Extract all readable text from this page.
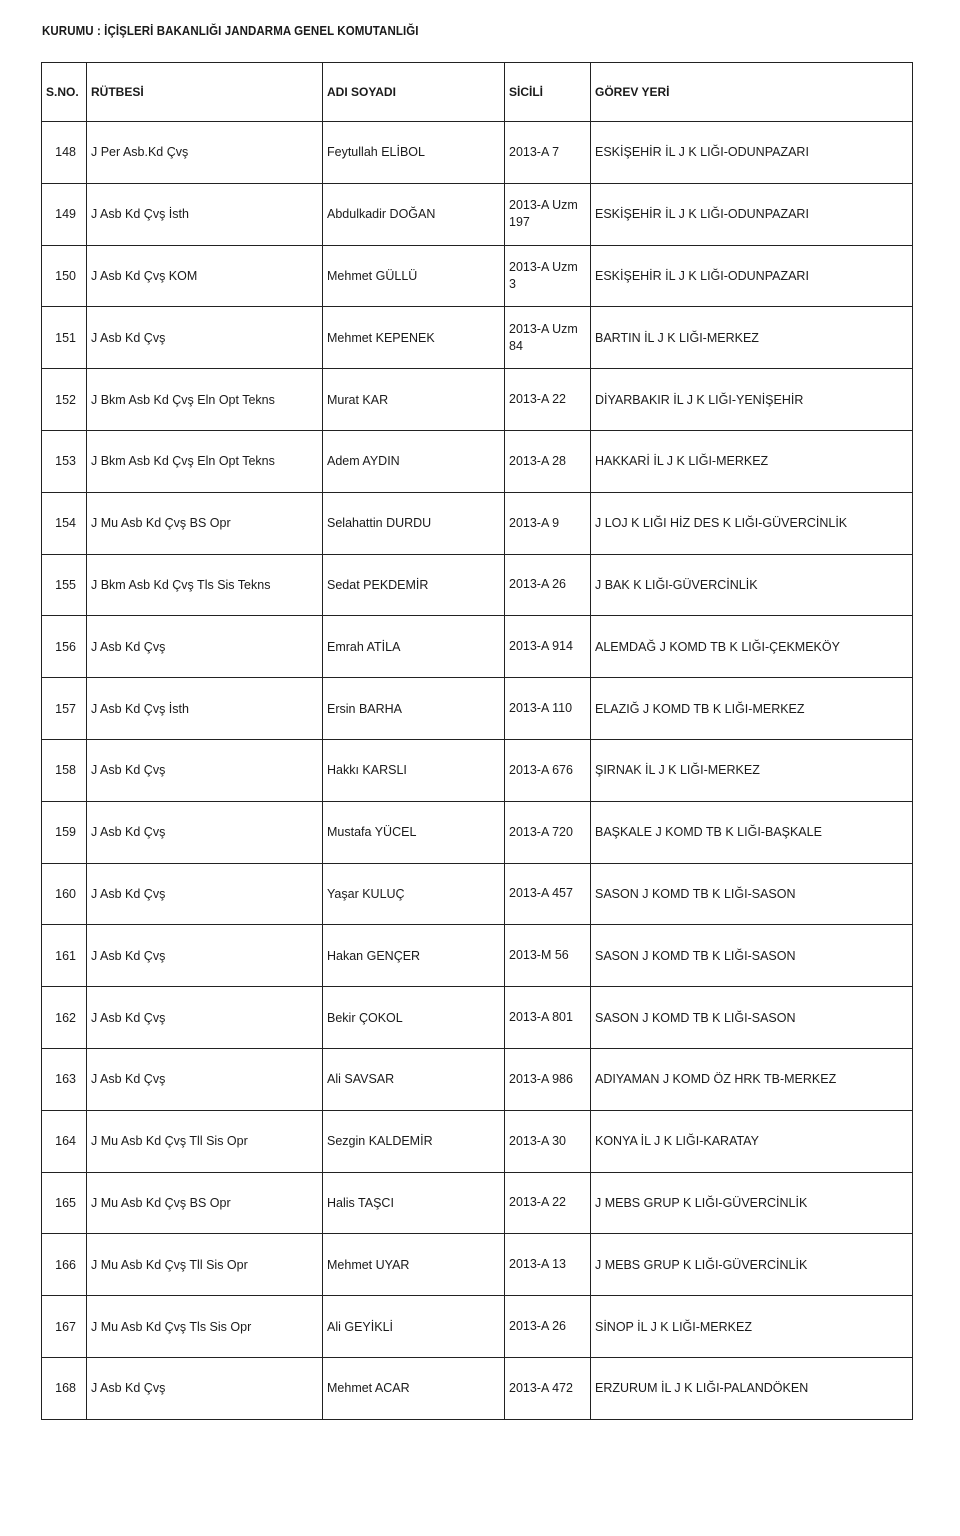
KURUMU : İÇİŞLERİ BAKANLIĞI JANDARMA GENEL KOMUTANLIĞI
S.NO.	RÜTBESİ	ADI SOYADI	SİCİLİ	GÖREV YERİ
148	J Per Asb.Kd Çvş	Feytullah ELİBOL	2013-A 7	ESKİŞEHİR İL J K LIĞI-ODUNPAZARI
149	J Asb Kd Çvş İsth	Abdulkadir DOĞAN	2013-A Uzm 197	ESKİŞEHİR İL J K LIĞI-ODUNPAZARI
150	J Asb Kd Çvş KOM	Mehmet GÜLLÜ	2013-A Uzm 3	ESKİŞEHİR İL J K LIĞI-ODUNPAZARI
151	J Asb Kd Çvş	Mehmet KEPENEK	2013-A Uzm 84	BARTIN İL J K LIĞI-MERKEZ
152	J Bkm Asb Kd Çvş Eln Opt Tekns	Murat KAR	2013-A 22	DİYARBAKIR İL J K LIĞI-YENİŞEHİR
153	J Bkm Asb Kd Çvş Eln Opt Tekns	Adem AYDIN	2013-A 28	HAKKARİ İL J K LIĞI-MERKEZ
154	J Mu Asb Kd Çvş BS Opr	Selahattin DURDU	2013-A 9	J LOJ K LIĞI HİZ DES K LIĞI-GÜVERCİNLİK
155	J Bkm Asb Kd Çvş Tls Sis Tekns	Sedat PEKDEMİR	2013-A 26	J BAK K LIĞI-GÜVERCİNLİK
156	J Asb Kd Çvş	Emrah ATİLA	2013-A 914	ALEMDAĞ J KOMD TB K LIĞI-ÇEKMEKÖY
157	J Asb Kd Çvş İsth	Ersin BARHA	2013-A 110	ELAZIĞ J KOMD TB K LIĞI-MERKEZ
158	J Asb Kd Çvş	Hakkı KARSLI	2013-A 676	ŞIRNAK İL J K LIĞI-MERKEZ
159	J Asb Kd Çvş	Mustafa YÜCEL	2013-A 720	BAŞKALE J KOMD TB K LIĞI-BAŞKALE
160	J Asb Kd Çvş	Yaşar KULUÇ	2013-A 457	SASON J KOMD TB K LIĞI-SASON
161	J Asb Kd Çvş	Hakan GENÇER	2013-M 56	SASON J KOMD TB K LIĞI-SASON
162	J Asb Kd Çvş	Bekir ÇOKOL	2013-A 801	SASON J KOMD TB K LIĞI-SASON
163	J Asb Kd Çvş	Ali SAVSAR	2013-A 986	ADIYAMAN J KOMD ÖZ HRK TB-MERKEZ
164	J Mu Asb Kd Çvş Tll Sis Opr	Sezgin KALDEMİR	2013-A 30	KONYA İL J K LIĞI-KARATAY
165	J Mu Asb Kd Çvş BS Opr	Halis TAŞCI	2013-A 22	J MEBS GRUP K LIĞI-GÜVERCİNLİK
166	J Mu Asb Kd Çvş Tll Sis Opr	Mehmet UYAR	2013-A 13	J MEBS GRUP K LIĞI-GÜVERCİNLİK
167	J Mu Asb Kd Çvş Tls Sis Opr	Ali GEYİKLİ	2013-A 26	SİNOP İL J K LIĞI-MERKEZ
168	J Asb Kd Çvş	Mehmet ACAR	2013-A 472	ERZURUM İL J K LIĞI-PALANDÖKEN
